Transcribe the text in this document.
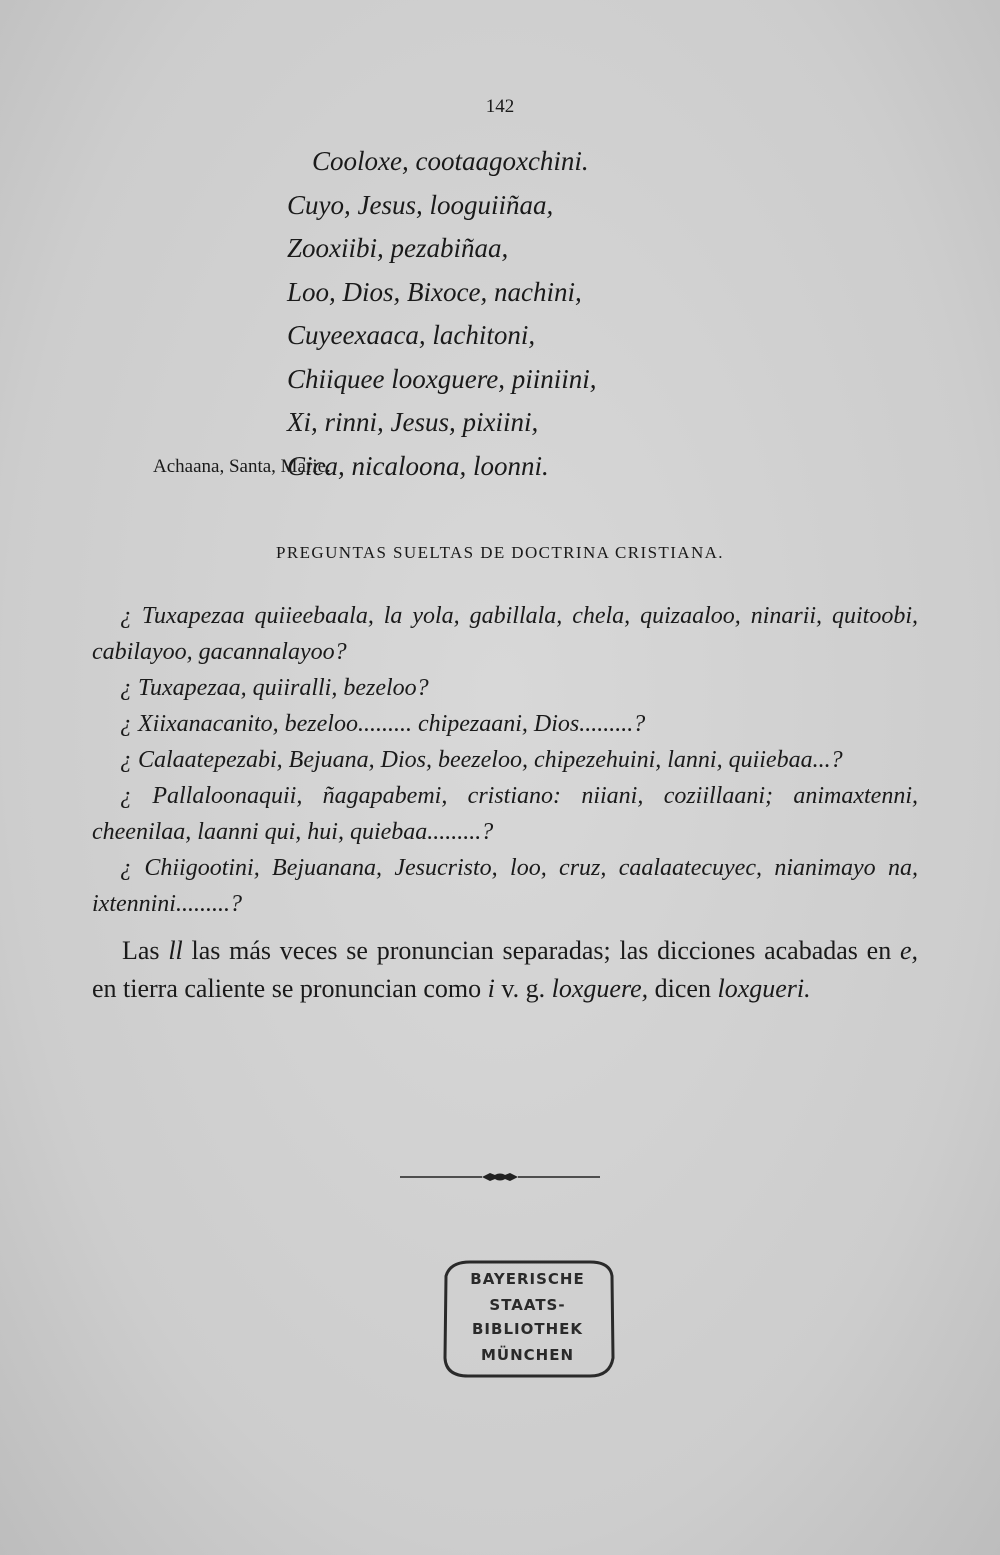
142
Cooloxe, cootaagoxchini.
Cuyo, Jesus, looguiiñaa,
Zooxiibi, pezabiñaa,
Loo, Dios, Bixoce, nachini,
Cuyeexaaca, lachitoni,
Chiiquee looxguere, piiniini,
Xi, rinni, Jesus, pixiini,
Cica, nicaloona, loonni.
Achaana, Santa, Marie.
PREGUNTAS SUELTAS DE DOCTRINA CRISTIANA.

¿ Tuxapezaa quiieebaala, la yola, gabillala, chela, quizaaloo, ninarii, quitoobi, cabilayoo, gacannalayoo?

¿ Tuxapezaa, quiiralli, bezeloo?

¿ Xiixanacanito, bezeloo......... chipezaani, Dios.........?

¿ Calaatepezabi, Bejuana, Dios, beezeloo, chipezehuini, lanni, quiiebaa...?

¿ Pallaloonaquii, ñagapabemi, cristiano: niiani, coziillaani; animaxtenni, cheenilaa, laanni qui, hui, quiebaa.........?

¿ Chiigootini, Bejuanana, Jesucristo, loo, cruz, caalaatecuyec, nianimayo na, ixtennini.........?

Las ll las más veces se pronuncian separadas; las dicciones acabadas en e, en tierra caliente se pronuncian como i v. g. loxguere, dicen loxgueri.

BAYERISCHE
STAATS-
BIBLIOTHEK
MÜNCHEN
